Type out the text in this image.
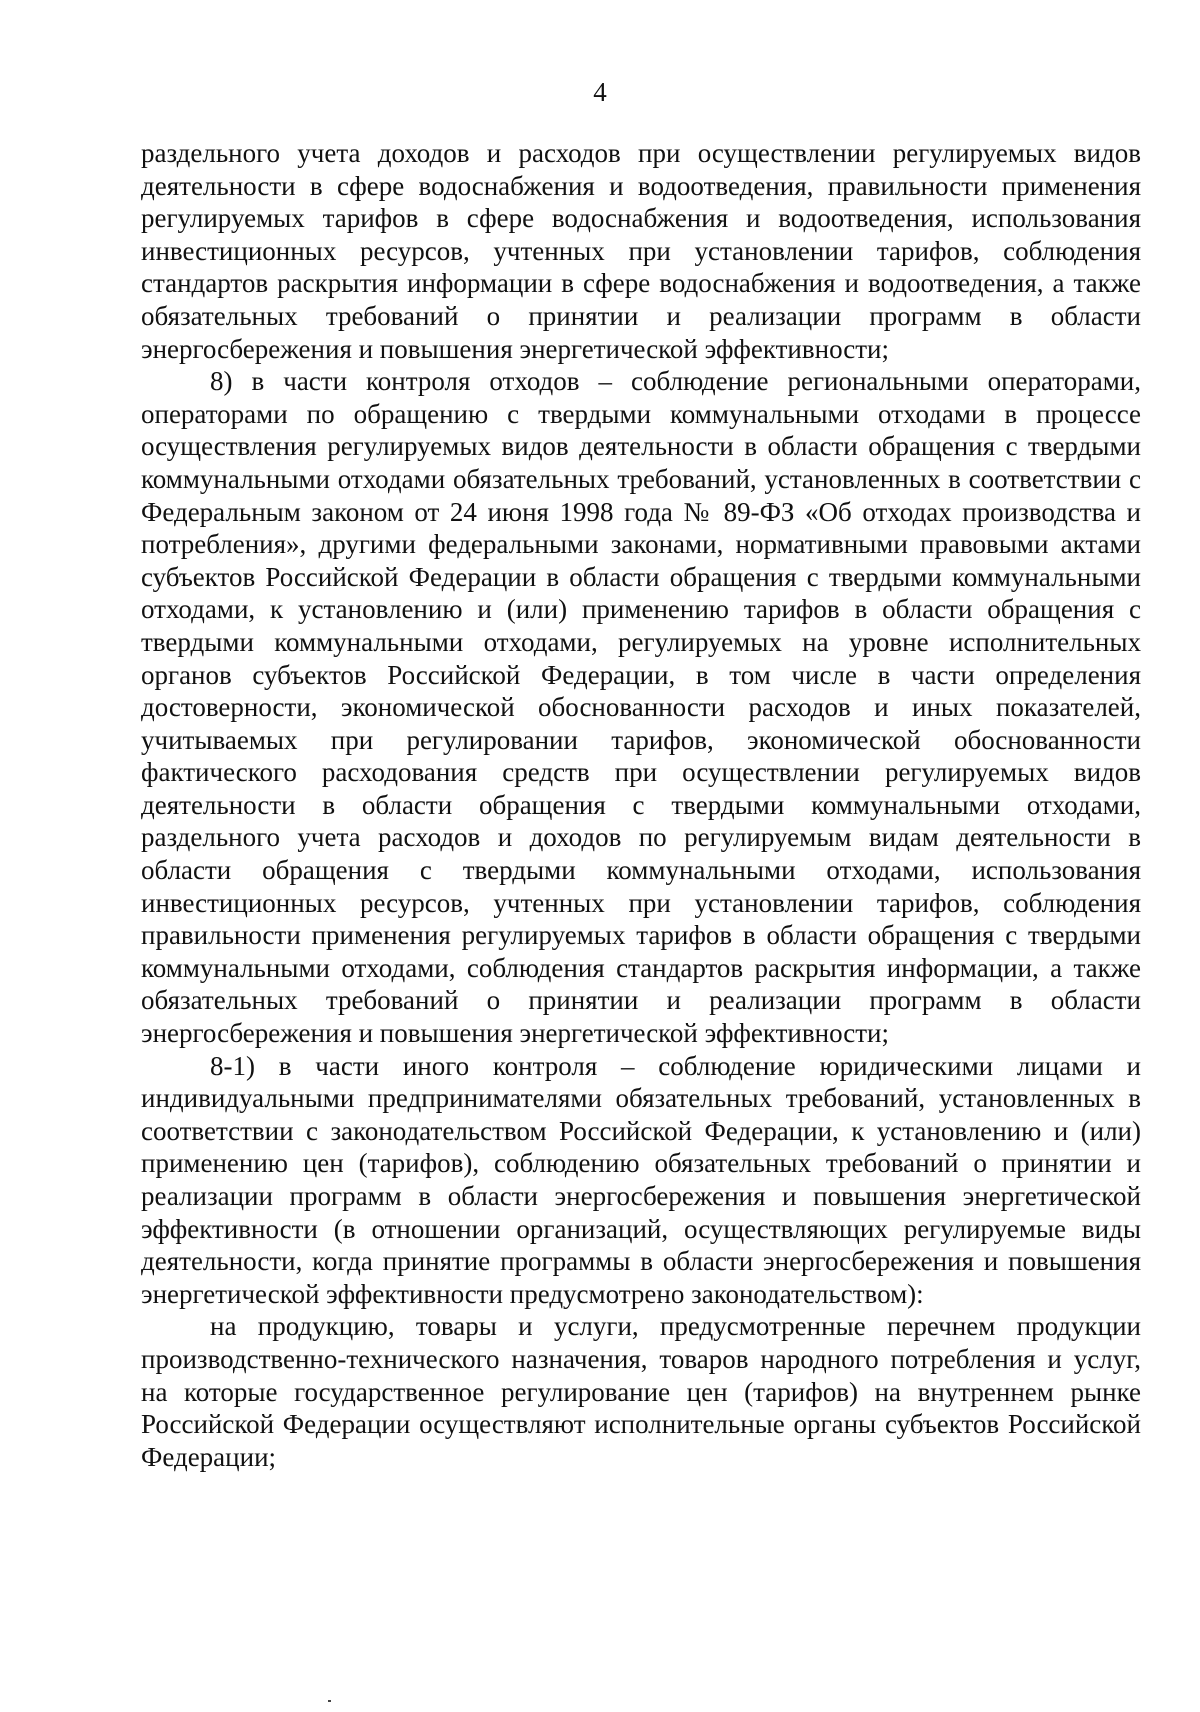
4

раздельного учета доходов и расходов при осуществлении регулируемых видов деятельности в сфере водоснабжения и водоотведения, правильности применения регулируемых тарифов в сфере водоснабжения и водоотведения, использования инвестиционных ресурсов, учтенных при установлении тарифов, соблюдения стандартов раскрытия информации в сфере водоснабжения и водоотведения, а также обязательных требований о принятии и реализации программ в области энергосбережения и повышения энергетической эффективности;

8) в части контроля отходов – соблюдение региональными операторами, операторами по обращению с твердыми коммунальными отходами в процессе осуществления регулируемых видов деятельности в области обращения с твердыми коммунальными отходами обязательных требований, установленных в соответствии с Федеральным законом от 24 июня 1998 года № 89-ФЗ «Об отходах производства и потребления», другими федеральными законами, нормативными правовыми актами субъектов Российской Федерации в области обращения с твердыми коммунальными отходами, к установлению и (или) применению тарифов в области обращения с твердыми коммунальными отходами, регулируемых на уровне исполнительных органов субъектов Российской Федерации, в том числе в части определения достоверности, экономической обоснованности расходов и иных показателей, учитываемых при регулировании тарифов, экономической обоснованности фактического расходования средств при осуществлении регулируемых видов деятельности в области обращения с твердыми коммунальными отходами, раздельного учета расходов и доходов по регулируемым видам деятельности в области обращения с твердыми коммунальными отходами, использования инвестиционных ресурсов, учтенных при установлении тарифов, соблюдения правильности применения регулируемых тарифов в области обращения с твердыми коммунальными отходами, соблюдения стандартов раскрытия информации, а также обязательных требований о принятии и реализации программ в области энергосбережения и повышения энергетической эффективности;

8-1) в части иного контроля – соблюдение юридическими лицами и индивидуальными предпринимателями обязательных требований, установленных в соответствии с законодательством Российской Федерации, к установлению и (или) применению цен (тарифов), соблюдению обязательных требований о принятии и реализации программ в области энергосбережения и повышения энергетической эффективности (в отношении организаций, осуществляющих регулируемые виды деятельности, когда принятие программы в области энергосбережения и повышения энергетической эффективности предусмотрено законодательством):

на продукцию, товары и услуги, предусмотренные перечнем продукции производственно-технического назначения, товаров народного потребления и услуг, на которые государственное регулирование цен (тарифов) на внутреннем рынке Российской Федерации осуществляют исполнительные органы субъектов Российской Федерации;
